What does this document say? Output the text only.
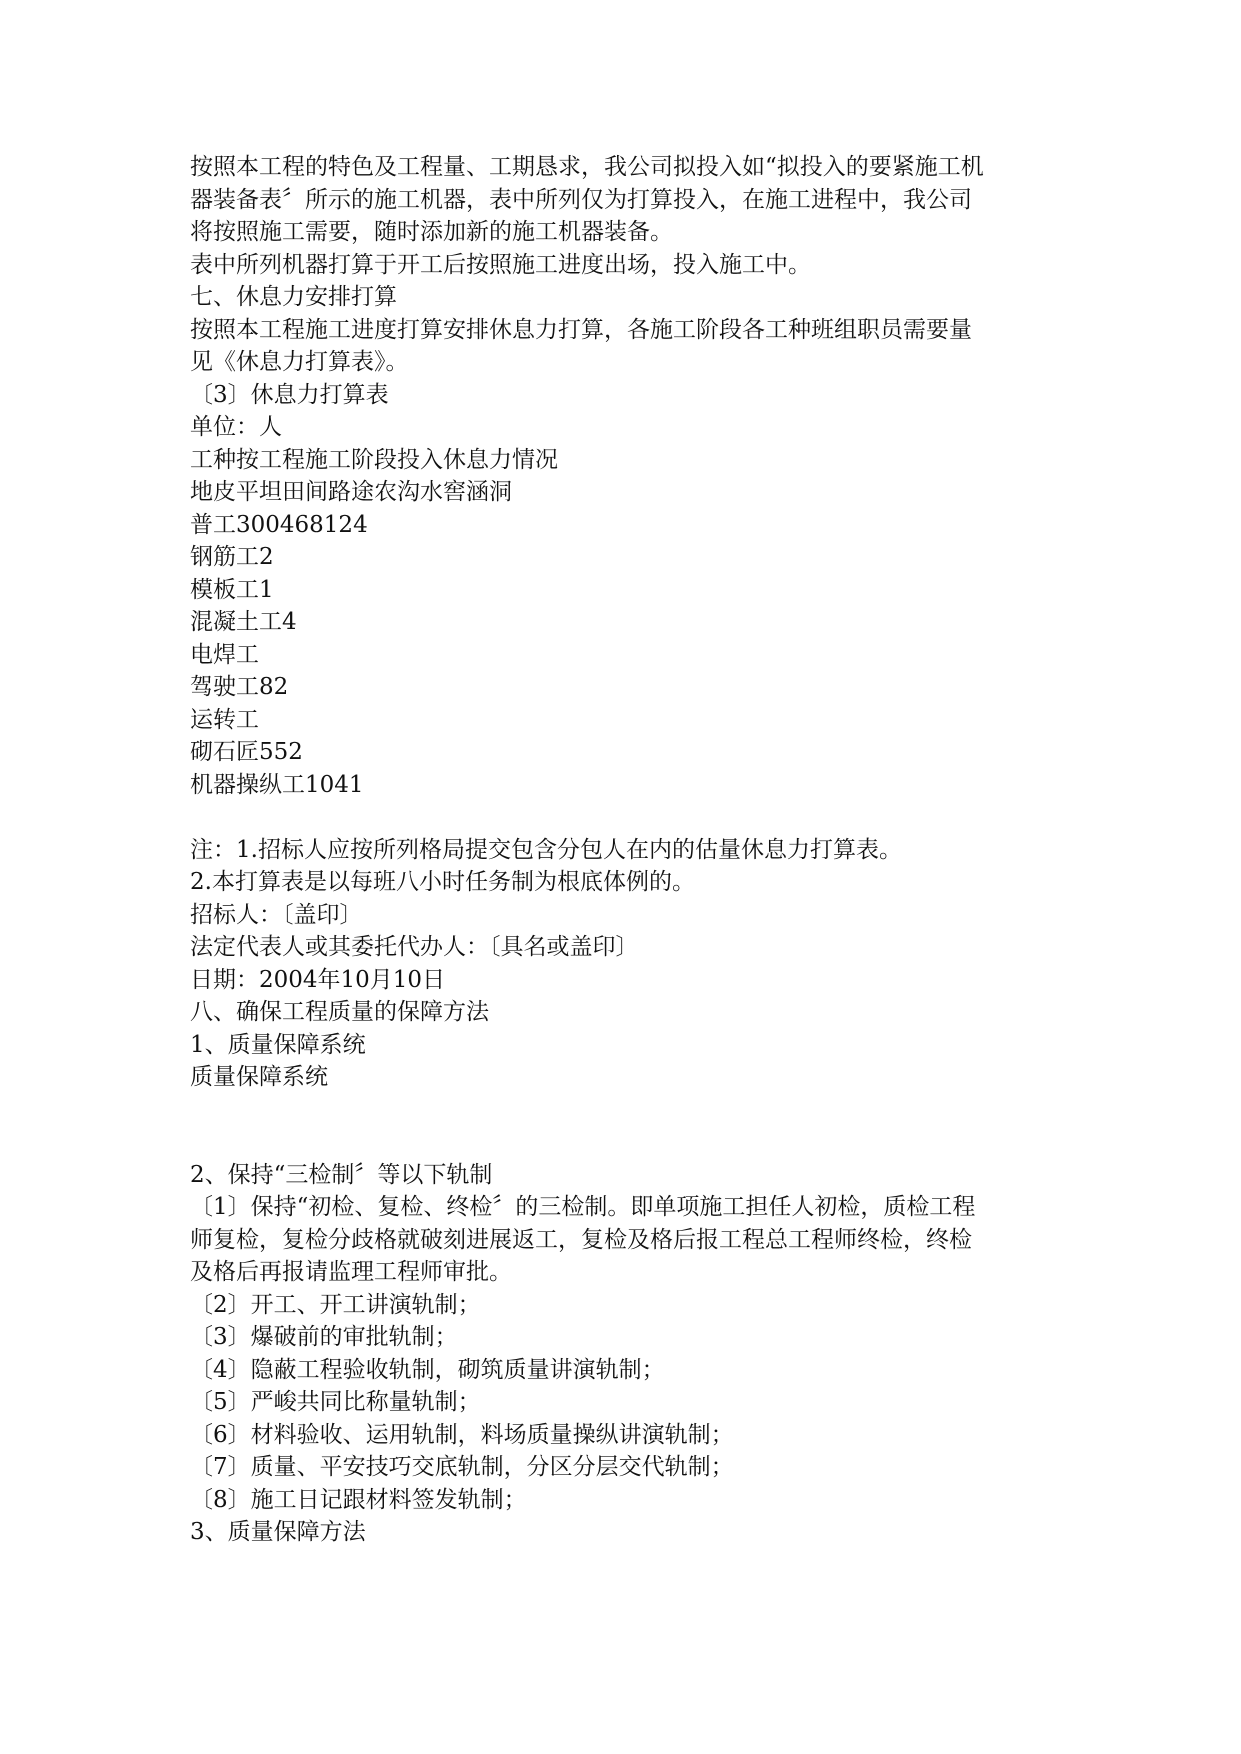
按照本工程的特色及工程量、工期恳求，我公司拟投入如“拟投入的要紧施工机
器装备表〞所示的施工机器，表中所列仅为打算投入，在施工进程中，我公司
将按照施工需要，随时添加新的施工机器装备。
表中所列机器打算于开工后按照施工进度出场，投入施工中。
七、休息力安排打算
按照本工程施工进度打算安排休息力打算，各施工阶段各工种班组职员需要量
见《休息力打算表》。
〔3〕休息力打算表
单位：人
工种按工程施工阶段投入休息力情况
地皮平坦田间路途农沟水窖涵洞
普工300468124
钢筋工2
模板工1
混凝土工4
电焊工
驾驶工82
运转工
砌石匠552
机器操纵工1041
注：1.招标人应按所列格局提交包含分包人在内的估量休息力打算表。
2.本打算表是以每班八小时任务制为根底体例的。
招标人：〔盖印〕
法定代表人或其委托代办人：〔具名或盖印〕
日期：2004年10月10日
八、确保工程质量的保障方法
1、质量保障系统
质量保障系统
2、保持“三检制〞等以下轨制
〔1〕保持“初检、复检、终检〞的三检制。即单项施工担任人初检，质检工程
师复检，复检分歧格就破刻进展返工，复检及格后报工程总工程师终检，终检
及格后再报请监理工程师审批。
〔2〕开工、开工讲演轨制；
〔3〕爆破前的审批轨制；
〔4〕隐蔽工程验收轨制，砌筑质量讲演轨制；
〔5〕严峻共同比称量轨制；
〔6〕材料验收、运用轨制，料场质量操纵讲演轨制；
〔7〕质量、平安技巧交底轨制，分区分层交代轨制；
〔8〕施工日记跟材料签发轨制；
3、质量保障方法
